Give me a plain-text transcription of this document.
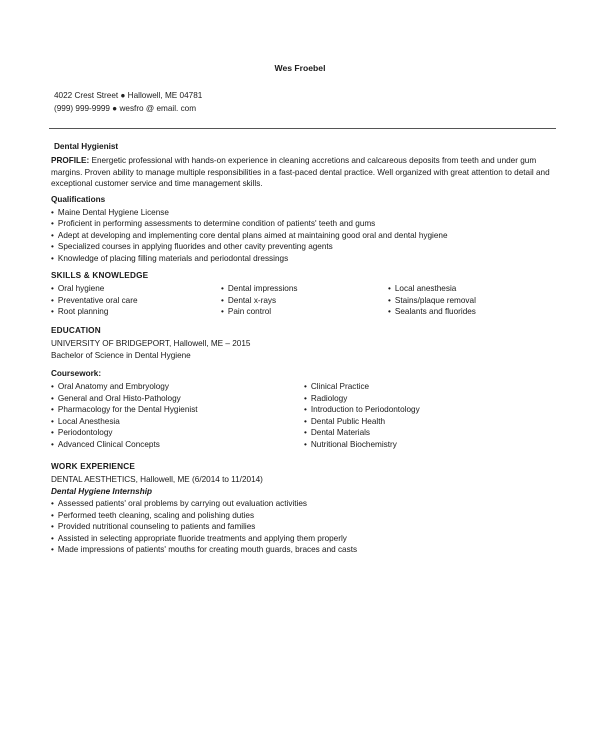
Wes Froebel
4022 Crest Street ● Hallowell, ME 04781
(999) 999-9999 ● wesfro @ email. com
Dental Hygienist

PROFILE: Energetic professional with hands-on experience in cleaning accretions and calcareous deposits from teeth and under gum margins. Proven ability to manage multiple responsibilities in a fast-paced dental practice. Well organized with great attention to detail and exceptional customer service and time management skills.

Qualifications
• Maine Dental Hygiene License
• Proficient in performing assessments to determine condition of patients' teeth and gums
• Adept at developing and implementing core dental plans aimed at maintaining good oral and dental hygiene
• Specialized courses in applying fluorides and other cavity preventing agents
• Knowledge of placing filling materials and periodontal dressings
SKILLS & KNOWLEDGE
• Oral hygiene
• Preventative oral care
• Root planning
• Dental impressions
• Dental x-rays
• Pain control
• Local anesthesia
• Stains/plaque removal
• Sealants and fluorides
EDUCATION
UNIVERSITY OF BRIDGEPORT, Hallowell, ME – 2015
Bachelor of Science in Dental Hygiene
Coursework:
• Oral Anatomy and Embryology
• General and Oral Histo-Pathology
• Pharmacology for the Dental Hygienist
• Local Anesthesia
• Periodontology
• Advanced Clinical Concepts
• Clinical Practice
• Radiology
• Introduction to Periodontology
• Dental Public Health
• Dental Materials
• Nutritional Biochemistry
WORK EXPERIENCE
DENTAL AESTHETICS, Hallowell, ME (6/2014 to 11/2014)
Dental Hygiene Internship
• Assessed patients' oral problems by carrying out evaluation activities
• Performed teeth cleaning, scaling and polishing duties
• Provided nutritional counseling to patients and families
• Assisted in selecting appropriate fluoride treatments and applying them properly
• Made impressions of patients' mouths for creating mouth guards, braces and casts
